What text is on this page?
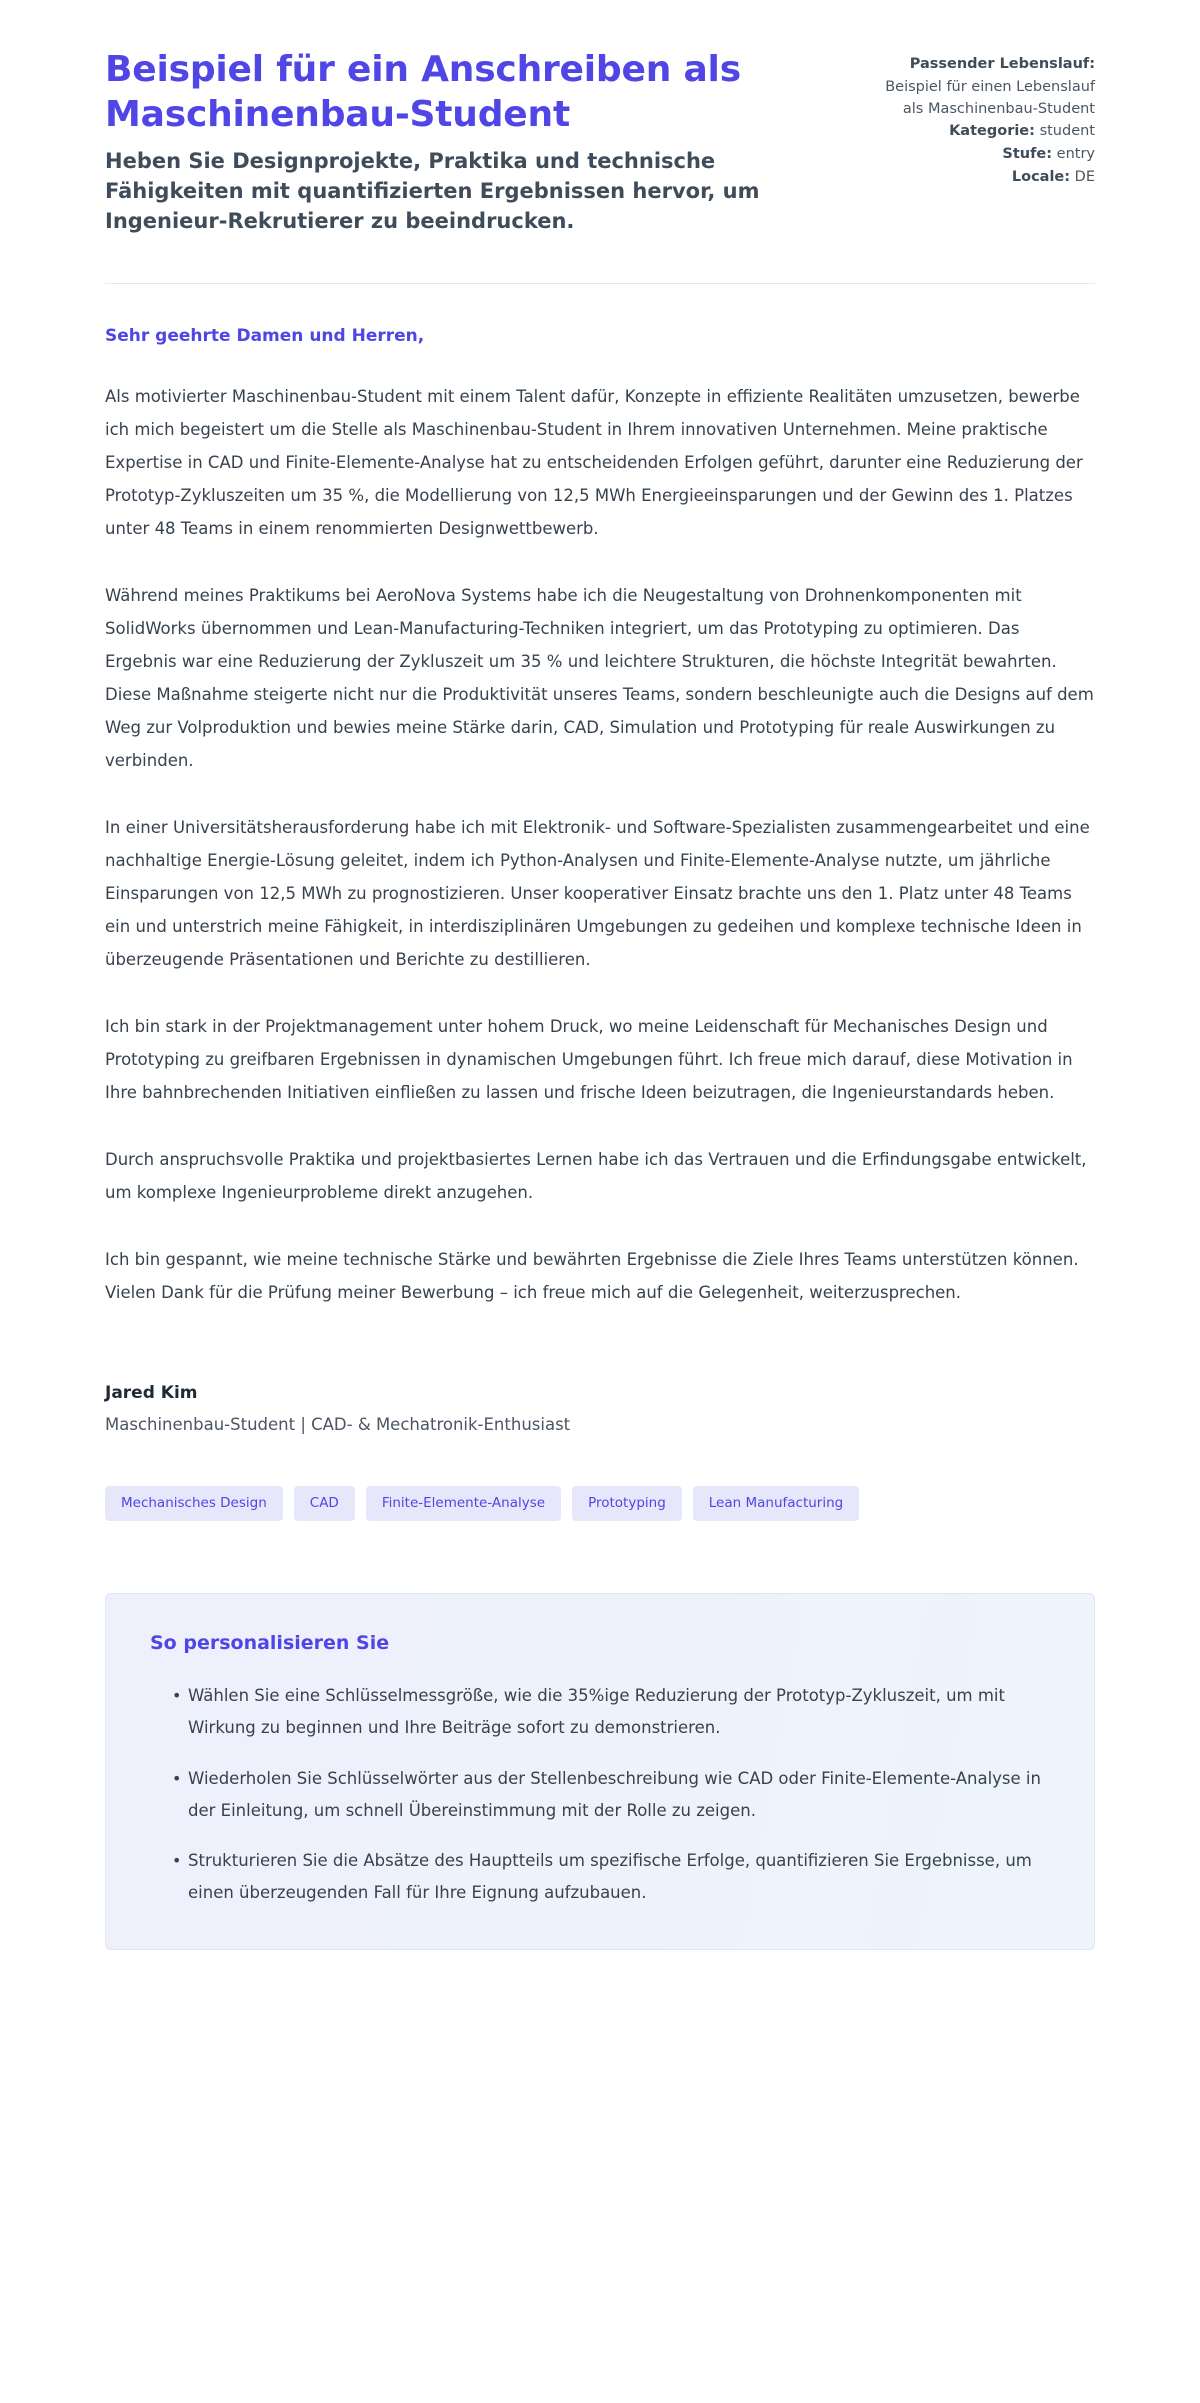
Beispiel für ein Anschreiben als Maschinenbau-Student

Heben Sie Designprojekte, Praktika und technische Fähigkeiten mit quantifizierten Ergebnissen hervor, um Ingenieur-Rekrutierer zu beeindrucken.

Passender Lebenslauf:
Beispiel für einen Lebenslauf als Maschinenbau-Student
Kategorie: student
Stufe: entry
Locale: DE

Sehr geehrte Damen und Herren,

Als motivierter Maschinenbau-Student mit einem Talent dafür, Konzepte in effiziente Realitäten umzusetzen, bewerbe ich mich begeistert um die Stelle als Maschinenbau-Student in Ihrem innovativen Unternehmen. Meine praktische Expertise in CAD und Finite-Elemente-Analyse hat zu entscheidenden Erfolgen geführt, darunter eine Reduzierung der Prototyp-Zykluszeiten um 35 %, die Modellierung von 12,5 MWh Energieeinsparungen und der Gewinn des 1. Platzes unter 48 Teams in einem renommierten Designwettbewerb.

Während meines Praktikums bei AeroNova Systems habe ich die Neugestaltung von Drohnenkomponenten mit SolidWorks übernommen und Lean-Manufacturing-Techniken integriert, um das Prototyping zu optimieren. Das Ergebnis war eine Reduzierung der Zykluszeit um 35 % und leichtere Strukturen, die höchste Integrität bewahrten. Diese Maßnahme steigerte nicht nur die Produktivität unseres Teams, sondern beschleunigte auch die Designs auf dem Weg zur Volproduktion und bewies meine Stärke darin, CAD, Simulation und Prototyping für reale Auswirkungen zu verbinden.

In einer Universitätsherausforderung habe ich mit Elektronik- und Software-Spezialisten zusammengearbeitet und eine nachhaltige Energie-Lösung geleitet, indem ich Python-Analysen und Finite-Elemente-Analyse nutzte, um jährliche Einsparungen von 12,5 MWh zu prognostizieren. Unser kooperativer Einsatz brachte uns den 1. Platz unter 48 Teams ein und unterstrich meine Fähigkeit, in interdisziplinären Umgebungen zu gedeihen und komplexe technische Ideen in überzeugende Präsentationen und Berichte zu destillieren.

Ich bin stark in der Projektmanagement unter hohem Druck, wo meine Leidenschaft für Mechanisches Design und Prototyping zu greifbaren Ergebnissen in dynamischen Umgebungen führt. Ich freue mich darauf, diese Motivation in Ihre bahnbrechenden Initiativen einfließen zu lassen und frische Ideen beizutragen, die Ingenieurstandards heben.

Durch anspruchsvolle Praktika und projektbasiertes Lernen habe ich das Vertrauen und die Erfindungsgabe entwickelt, um komplexe Ingenieurprobleme direkt anzugehen.

Ich bin gespannt, wie meine technische Stärke und bewährten Ergebnisse die Ziele Ihres Teams unterstützen können. Vielen Dank für die Prüfung meiner Bewerbung – ich freue mich auf die Gelegenheit, weiterzusprechen.

Jared Kim

Maschinenbau-Student | CAD- & Mechatronik-Enthusiast

Mechanisches Design	CAD	Finite-Elemente-Analyse	Prototyping	Lean Manufacturing
So personalisieren Sie
• Wählen Sie eine Schlüsselmessgröße, wie die 35%ige Reduzierung der Prototyp-Zykluszeit, um mit Wirkung zu beginnen und Ihre Beiträge sofort zu demonstrieren.
• Wiederholen Sie Schlüsselwörter aus der Stellenbeschreibung wie CAD oder Finite-Elemente-Analyse in der Einleitung, um schnell Übereinstimmung mit der Rolle zu zeigen.
• Strukturieren Sie die Absätze des Hauptteils um spezifische Erfolge, quantifizieren Sie Ergebnisse, um einen überzeugenden Fall für Ihre Eignung aufzubauen.
